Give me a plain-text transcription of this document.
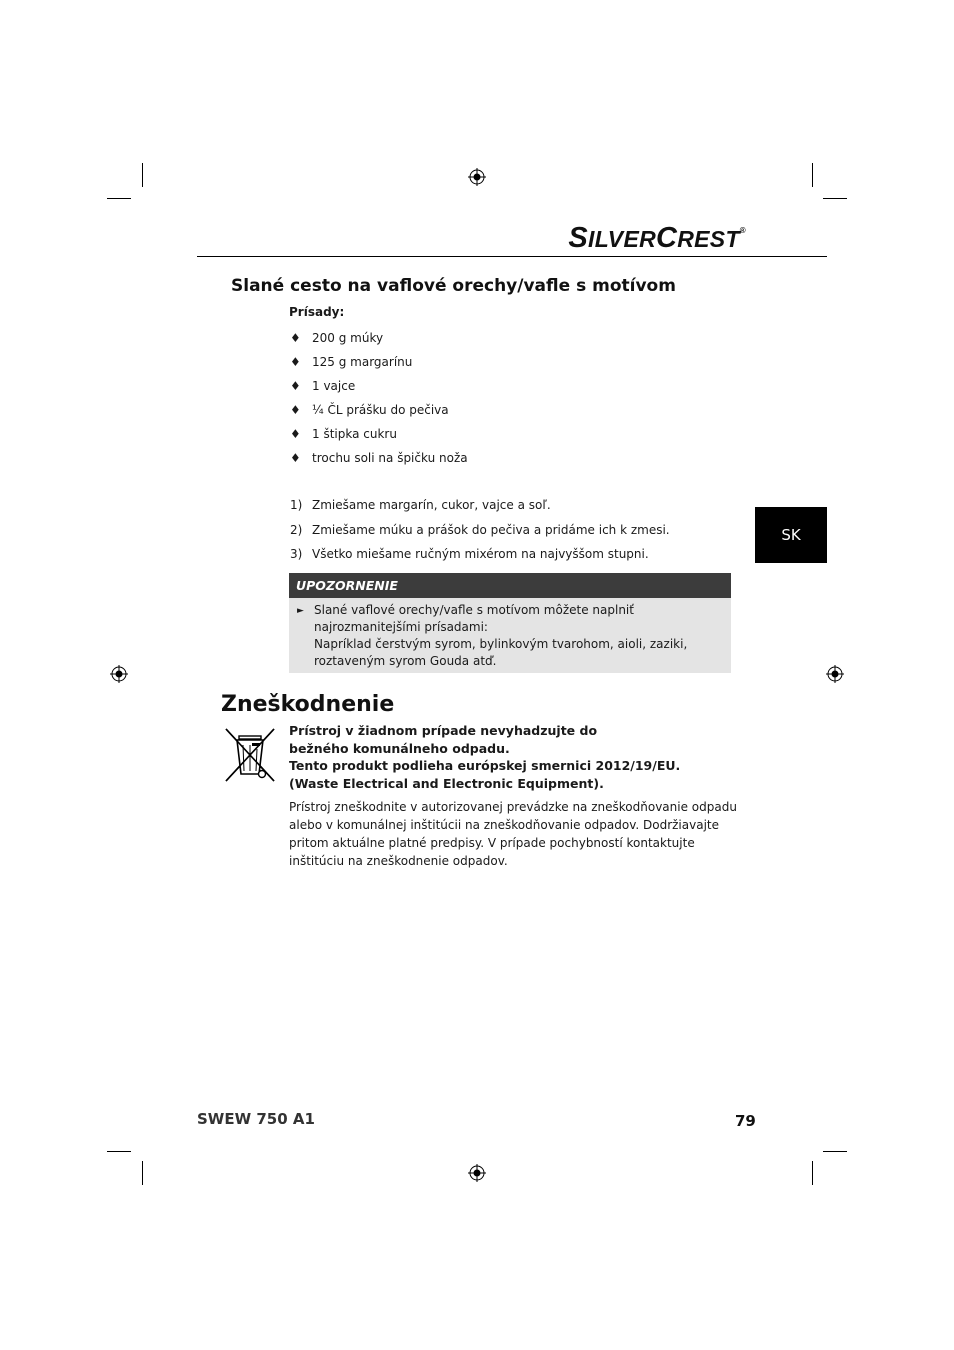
SILVERCREST®
Slané cesto na vaflové orechy/vafle s motívom
Prísady:
♦ 200 g múky
♦ 125 g margarínu
♦ 1 vajce
♦ ¼ ČL prášku do pečiva
♦ 1 štipka cukru
♦ trochu soli na špičku noža
1) Zmiešame margarín, cukor, vajce a soľ.
2) Zmiešame múku a prášok do pečiva a pridáme ich k zmesi.
3) Všetko miešame ručným mixérom na najvyššom stupni.
SK
UPOZORNENIE
► Slané vaflové orechy/vafle s motívom môžete naplniť najrozmanitejšími prísadami:
Napríklad čerstvým syrom, bylinkovým tvarohom, aioli, zaziki, roztaveným syrom Gouda atď.
Zneškodnenie
Prístroj v žiadnom prípade nevyhadzujte do bežného komunálneho odpadu.
Tento produkt podlieha európskej smernici 2012/19/EU.
(Waste Electrical and Electronic Equipment).
Prístroj zneškodnite v autorizovanej prevádzke na zneškodňovanie odpadu alebo v komunálnej inštitúcii na zneškodňovanie odpadov. Dodržiavajte pritom aktuálne platné predpisy. V prípade pochybností kontaktujte inštitúciu na zneškodnenie odpadov.
SWEW 750 A1	79
